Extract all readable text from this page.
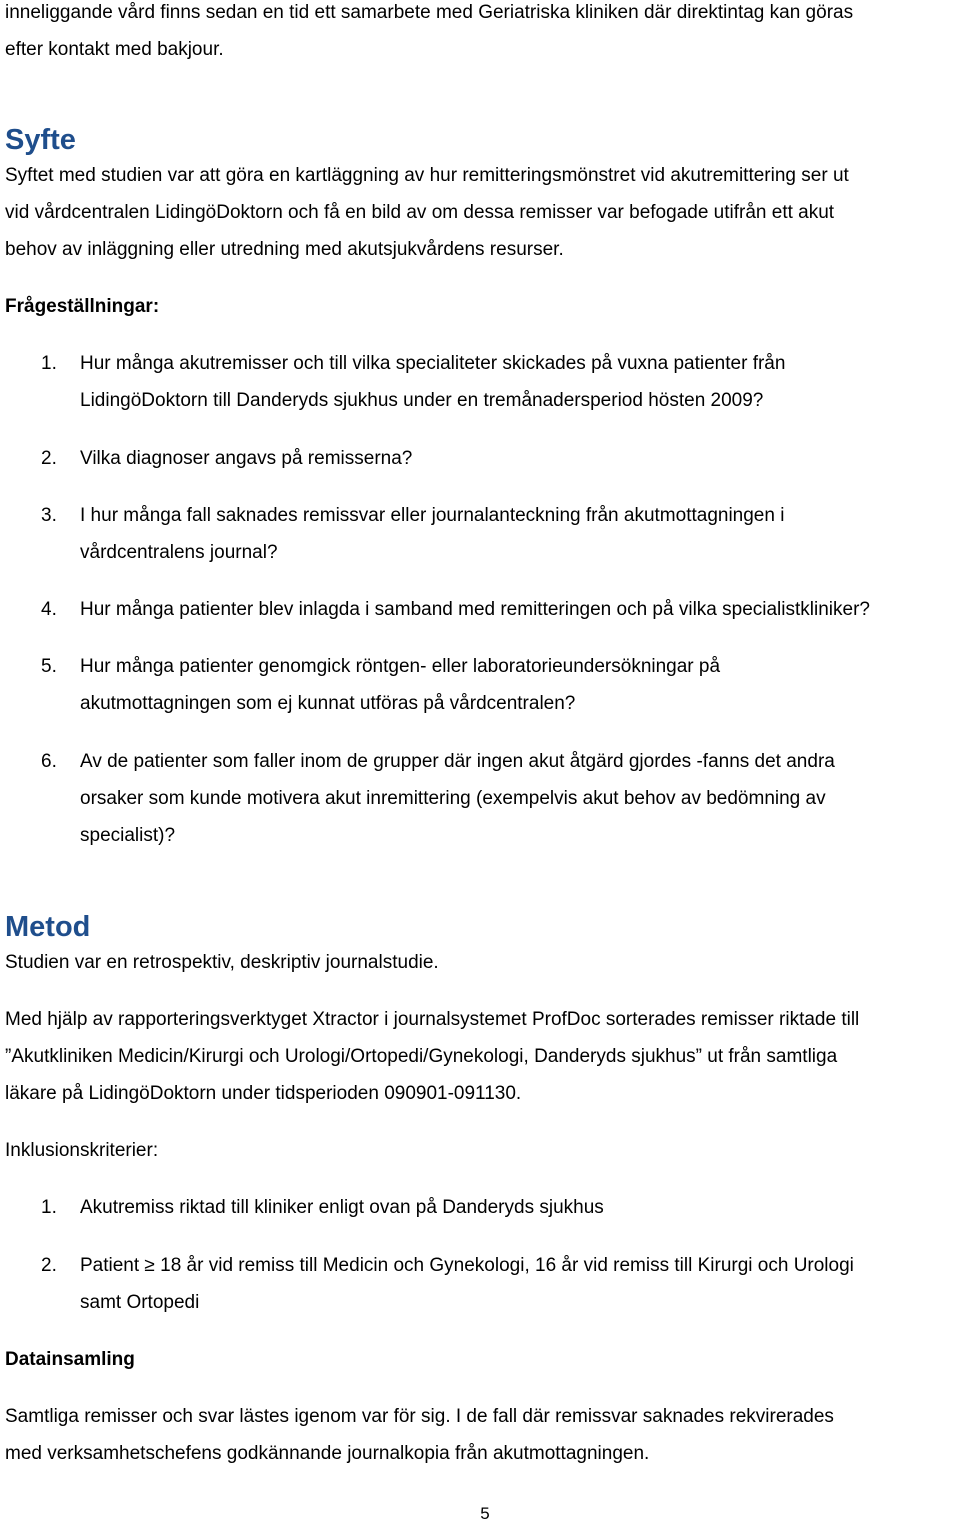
inneliggande vård finns sedan en tid ett samarbete med Geriatriska kliniken där direktintag kan göras

efter kontakt med bakjour.

Syfte

Syftet med studien var att göra en kartläggning av hur remitteringsmönstret vid akutremittering ser ut

vid vårdcentralen LidingöDoktorn och få en bild av om dessa remisser var befogade utifrån ett akut

behov av inläggning eller utredning med akutsjukvårdens resurser.

Frågeställningar:

1. Hur många akutremisser och till vilka specialiteter skickades på vuxna patienter från
LidingöDoktorn till Danderyds sjukhus under en tremånadersperiod hösten 2009?
2. Vilka diagnoser angavs på remisserna?
3. I hur många fall saknades remissvar eller journalanteckning från akutmottagningen i
vårdcentralens journal?
4. Hur många patienter blev inlagda i samband med remitteringen och på vilka specialistkliniker?
5. Hur många patienter genomgick röntgen- eller laboratorieundersökningar på
akutmottagningen som ej kunnat utföras på vårdcentralen?
6. Av de patienter som faller inom de grupper där ingen akut åtgärd gjordes -fanns det andra
orsaker som kunde motivera akut inremittering (exempelvis akut behov av bedömning av
specialist)?
Metod

Studien var en retrospektiv, deskriptiv journalstudie.

Med hjälp av rapporteringsverktyget Xtractor i journalsystemet ProfDoc sorterades remisser riktade till

”Akutkliniken Medicin/Kirurgi och Urologi/Ortopedi/Gynekologi, Danderyds sjukhus” ut från samtliga

läkare på LidingöDoktorn under tidsperioden 090901-091130.

Inklusionskriterier:

1. Akutremiss riktad till kliniker enligt ovan på Danderyds sjukhus
2. Patient ≥ 18 år vid remiss till Medicin och Gynekologi, 16 år vid remiss till Kirurgi och Urologi
samt Ortopedi

Datainsamling

Samtliga remisser och svar lästes igenom var för sig. I de fall där remissvar saknades rekvirerades

med verksamhetschefens godkännande journalkopia från akutmottagningen.

5
